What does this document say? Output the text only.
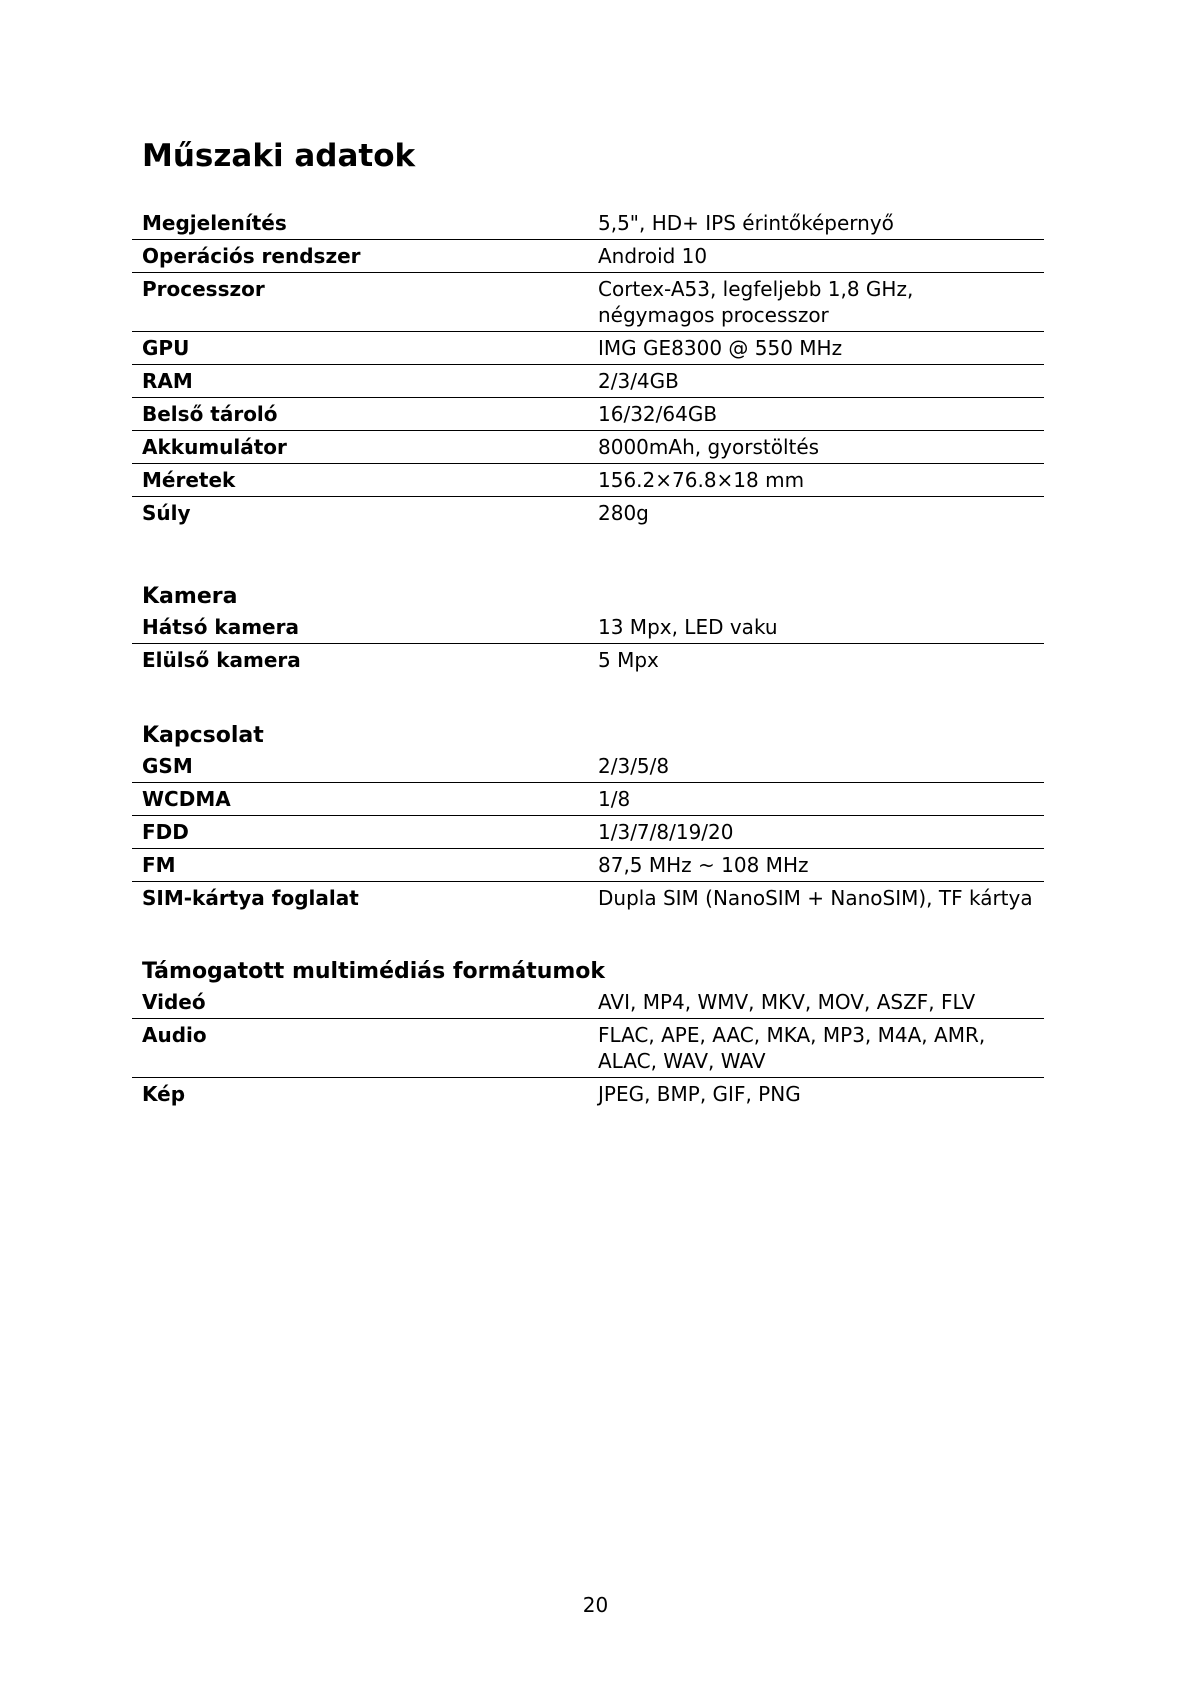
Műszaki adatok
Megjelenítés	5,5", HD+ IPS érintőképernyő
Operációs rendszer	Android 10
Processzor	Cortex-A53, legfeljebb 1,8 GHz,
négymagos processzor
GPU	IMG GE8300 @ 550 MHz
RAM	2/3/4GB
Belső tároló	16/32/64GB
Akkumulátor	8000mAh, gyorstöltés
Méretek	156.2×76.8×18 mm
Súly	280g
Kamera
Hátsó kamera	13 Mpx, LED vaku
Elülső kamera	5 Mpx
Kapcsolat
GSM	2/3/5/8
WCDMA	1/8
FDD	1/3/7/8/19/20
FM	87,5 MHz ~ 108 MHz
SIM-kártya foglalat	Dupla SIM (NanoSIM + NanoSIM), TF kártya
Támogatott multimédiás formátumok
Videó	AVI, MP4, WMV, MKV, MOV, ASZF, FLV
Audio	FLAC, APE, AAC, MKA, MP3, M4A, AMR,
ALAC, WAV, WAV
Kép	JPEG, BMP, GIF, PNG
20
